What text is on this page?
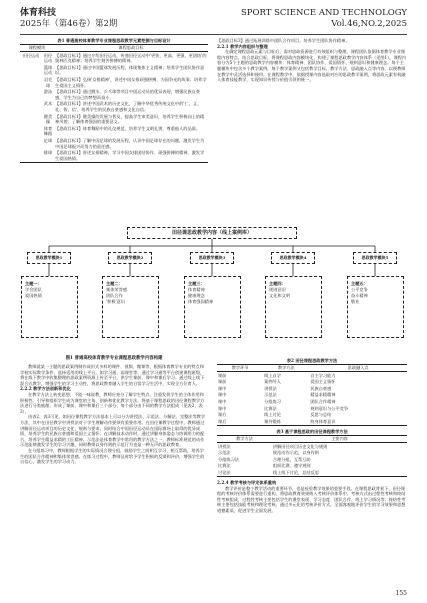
体育科技
2025年（第46卷）第2期
SPORT SCIENCE AND TECHNOLOGY
Vol.46,NO.2,2025
表1 普通高校体育教学专业课程思政教学元素挖掘与目标设计
课程模块		课程思政目标
田径运动	田径运动	【思政目标1】通过介绍田径运动，传递田径运动中'更快、更高、更强、更团结'的奥林匹克精神；培养学生刻苦拼搏的精神。
	篮球运动	【思政目标1】通过中国篮球发展历程，体现集体主义精神；培养学生团队协作意识。
	羽毛球	【思政目标1】弘扬'女排精神'，讲述中国女排顽强拼搏、为国争光的故事；培养学生爱国主义情怀。
	游泳	【思政目标1】通过跳水、乒乓球等项目中国运动员的优异表现，增强民族自豪感，学生为自己的梦想而奋斗。
	武术	【思政目标1】讲述中国武术的历史文化，了解中华优秀传统文化中的'仁、义、礼、智、信'，培养学生的民族自豪感和文化自信。
	健美操	【思政目标1】健美操的发展与普及，提高学生审美意识，培养学生积极向上的精神风貌；了解体育强国的重要意义。
	体育舞蹈	【思政目标1】体育舞蹈中的礼仪规范，培养学生文明礼貌、尊重他人的品质。
	足球	【思政目标1】了解中国足球的发展历程，认识中国足球存在的问题，激发学生为中国足球振兴而努力的责任感。
	排球	【思政目标1】讲述女排精神，学习中国女排团结协作、顽强拼搏的精神，激发学生爱国热情。

【思政目标3】通过拓展训练中团队合作项目，培养学生团队协作精神。

2.2.1 教学内容组织与整理

在确定课程思政元素与目标后，需对思政资源进行有效组织与整理。课程团队依据体育教学专业课程内容特点，结合思政目标，将课程思政内容模块化，构建了课程思政教学内容体系（见图1）。课程内容分为5个主题的思政教学内容模块：体育精神、团队协作、爱国情怀、规则意识和健康理念。每个主题模块中包含多个教学案例，每个教学案例又包括教学目标、教学方法、思政融入点等内容，以便教师在教学中灵活选择和使用。在课程教学中，依据授课内容选取对应的思政教学案例，将思政元素有机融入体育技能教学，实现知识传授与价值引领的统一。

田径课思政教学内容（线上案例库）
思政教学模块1	思政教学模块2	思政教学模块3	思政教学模块4	思政教学模块5
主题一：
学会团队
爱国热情
主题二：
集体荣誉感
团队合作
'积极'意识
主题三：
体育精神
健康理念
体育强国精神
主题四：
规则意识
文化和文明
主题五：
公平竞争
奋斗精神
敬业
图1 普通高校体育教学专业课程思政教学内容构建

教师就某一主题的思政案例制作成形式多样的课件、视频、微课等，根据体育教学专业的特点和学校实际教学条件，选择适用的线上平台，如学习通、雨课堂等，通过学习通等平台创建课程班级，将在线下教学中收集整理的思政案例资源上传至平台，供学生课前、课中和课后学习。通过线上线下混合式教学，增强学生的学习主动性，将思政教育融入学生的日常学习生活中，实现全方位育人。

2.2.2 教学方法创新和优化

在教学方法上转变思想，不能一味说教，教师应充分了解学生特点，注重发挥学生的主体作用和积极性。引导和组织学生成为课堂的主角，创新和优化教学方法。将基于课程思政的田径课程教学方法进行分类梳理，形成了课前、课中和课后三个部分，每个部分由不同的教学方法组成（见表2、表3）。

由表2、表3可见，如田径课程教学方法基本上可以分为讲授法、示范法、分解法、完整法等教学方法，其中在田径教学中讲授法对于学生理解动作要领有重要作用。在田径课教学过程中，教师通过讲解田径运动项目的历史文化、规则与要求，同时结合中国田径运动员在国际赛场上取得的优异成绩，培养学生的民族自豪感和爱国主义情怀；在讲解技术动作时，通过讲解身体姿态与协调用力的配合，培养学生精益求精的工匠精神。示范法是体育教学中常用的教学方法之一，教师标准规范的动作示范能够激发学生的学习兴趣，同时教师以身作则的示范行为也是一种无声的思政教育。

在分组练习中，教师根据学生的实际情况合理分组，鼓励学生之间相互学习、相互帮助，培养学生的团队合作精神和集体荣誉感。在练习过程中，教师及时给予学生积极的反馈和评价，增强学生的自信心，激发学生的学习动力。

表2 田径课程思政教学方法
教学环节	教学方法	思政融入点
课前	线上自学	自主学习能力
课前	案例导入	爱国主义情怀
课中	讲授法	民族自豪感
课中	示范法	精益求精精神
课中	分组练习	团队合作精神
课中	比赛法	规则意识与公平竞争
课后	线上讨论	反思与总结
课后	课外锻炼	终身体育意识
表3 基于课程思政的田径课程教学方法
教学方法	主要内容
讲授法	讲解田径项目历史文化与规则
示范法	规范动作示范，以身作则
分组练习法	合理分组，互帮互助
比赛法	组织比赛，遵守规则
讨论法	线上线下讨论，总结反思
2.2.4 教学考核与评定体系重构

教学评价是整个教学活动的重要环节，也是检验教学效果的重要手段。在课程思政背景下，田径课程的考核评价体系需要进行重构，将思政教育效果纳入考核评价体系中。考核方式由过程性考核和终结性考核组成，过程性考核主要包括学生的课堂表现、学习态度、团队合作、线上学习情况等；终结性考核主要包括技能考核和理论考核。通过多元化的考核评价方式，全面客观地评价学生的学习效果和思想道德素质，促进学生全面发展。

155
